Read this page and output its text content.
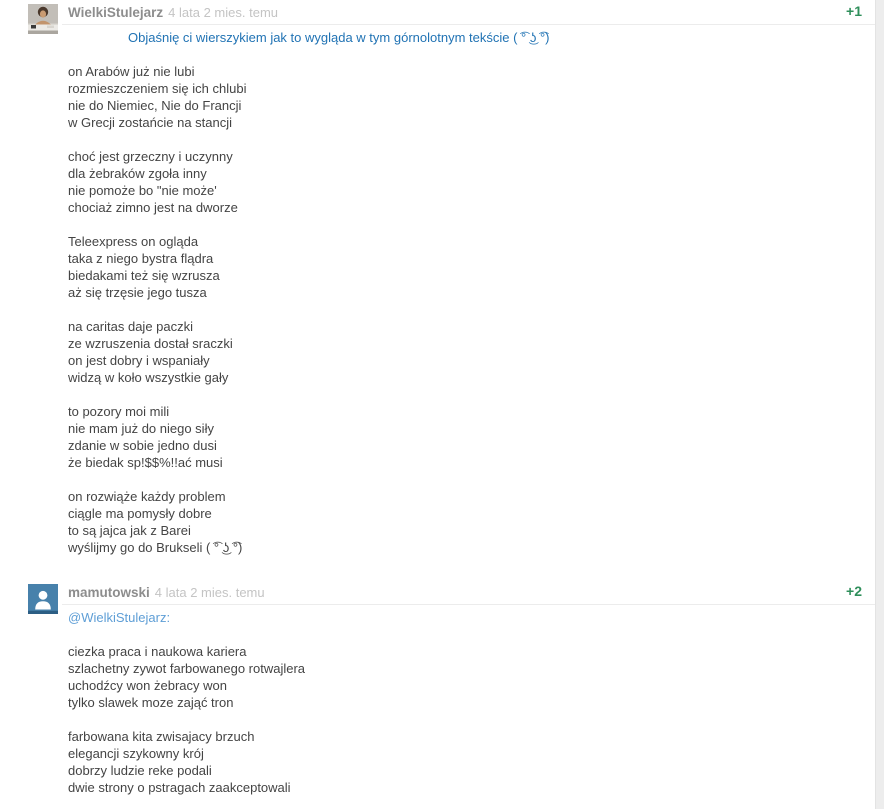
WielkiStulejarz 4 lata 2 mies. temu	+1
Objaśnię ci wierszykiem jak to wygląda w tym górnolotnym tekście ( ͡° ͜ʖ ͡°)
on Arabów już nie lubi
rozmieszczeniem się ich chlubi
nie do Niemiec, Nie do Francji
w Grecji zostańcie na stancji
choć jest grzeczny i uczynny
dla żebraków zgoła inny
nie pomoże bo "nie może'
chociaż zimno jest na dworze
Teleexpress on ogląda
taka z niego bystra flądra
biedakami też się wzrusza
aż się trzęsie jego tusza
na caritas daje paczki
ze wzruszenia dostał sraczki
on jest dobry i wspaniały
widzą w koło wszystkie gały
to pozory moi mili
nie mam już do niego siły
zdanie w sobie jedno dusi
że biedak sp!$$%!!ać musi
on rozwiąże każdy problem
ciągle ma pomysły dobre
to są jajca jak z Barei
wyślijmy go do Brukseli ( ͡° ͜ʖ ͡°)
mamutowski 4 lata 2 mies. temu	+2
@WielkiStulejarz:
ciezka praca i naukowa kariera
szlachetny zywot farbowanego rotwajlera
uchodźcy won żebracy won
tylko slawek moze zająć tron
farbowana kita zwisajacy brzuch
elegancji szykowny krój
dobrzy ludzie reke podali
dwie strony o pstragach zaakceptowali
